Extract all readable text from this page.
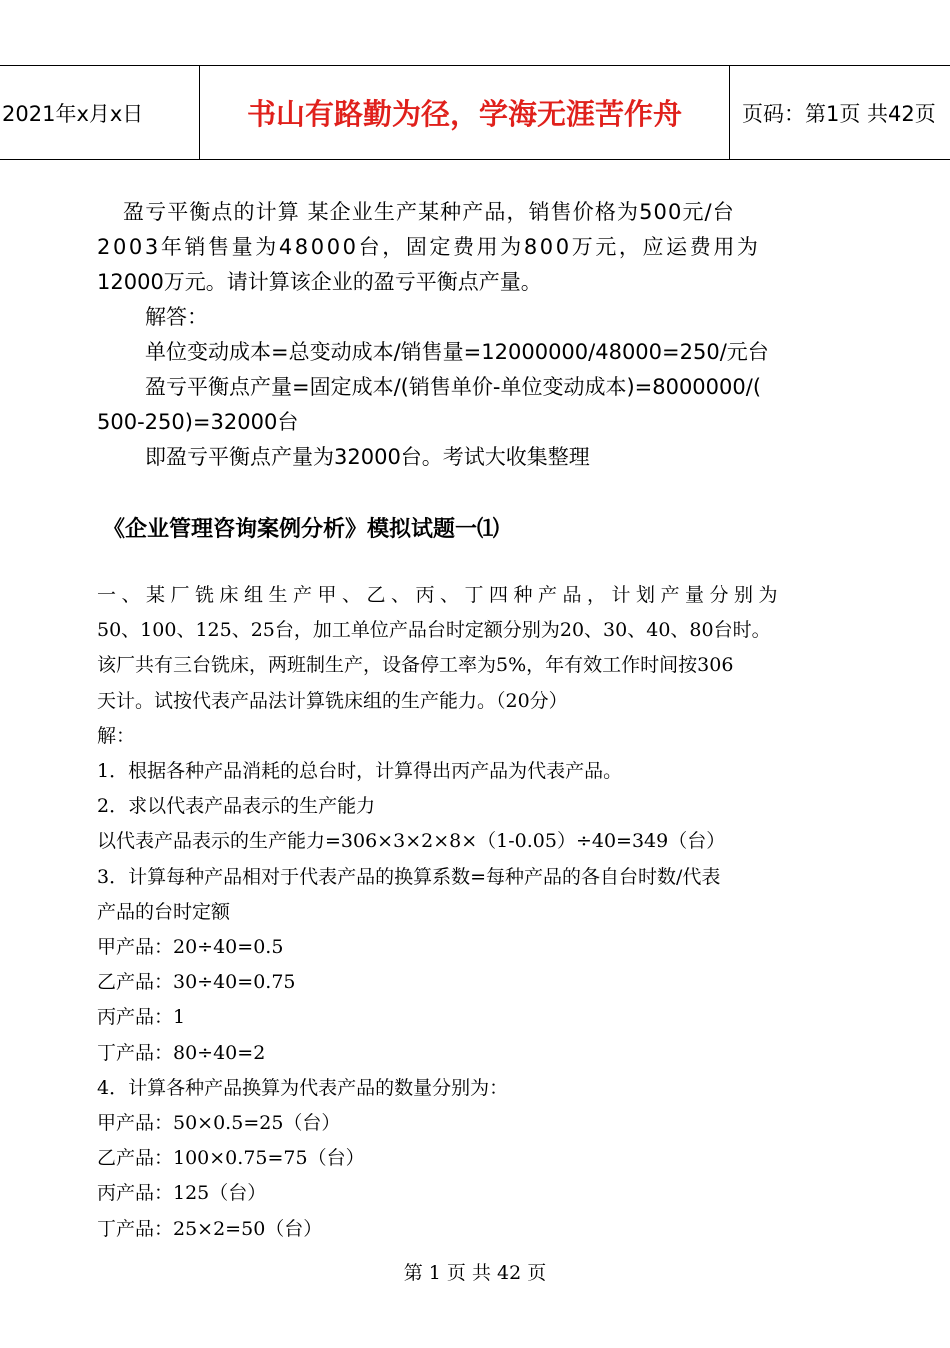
2021年x月x日	书山有路勤为径，学海无涯苦作舟	页码：第1页 共42页

盈亏平衡点的计算 某企业生产某种产品，销售价格为500元/台

2003年销售量为48000台，固定费用为800万元，应运费用为

12000万元。请计算该企业的盈亏平衡点产量。

解答：

单位变动成本=总变动成本/销售量=12000000/48000=250/元台

盈亏平衡点产量=固定成本/(销售单价-单位变动成本)=8000000/(

500-250)=32000台

即盈亏平衡点产量为32000台。考试大收集整理

《企业管理咨询案例分析》模拟试题一⑴

一、某厂铣床组生产甲、乙、丙、丁四种产品，计划产量分别为

50、100、125、25台，加工单位产品台时定额分别为20、30、40、80台时。

该厂共有三台铣床，两班制生产，设备停工率为5%，年有效工作时间按306

天计。试按代表产品法计算铣床组的生产能力。（20分）

解：

1．根据各种产品消耗的总台时，计算得出丙产品为代表产品。

2．求以代表产品表示的生产能力

以代表产品表示的生产能力=306×3×2×8×（1-0.05）÷40=349（台）

3．计算每种产品相对于代表产品的换算系数=每种产品的各自台时数/代表

产品的台时定额

甲产品：20÷40=0.5

乙产品：30÷40=0.75

丙产品：1

丁产品：80÷40=2

4．计算各种产品换算为代表产品的数量分别为：

甲产品：50×0.5=25（台）

乙产品：100×0.75=75（台）

丙产品：125（台）

丁产品：25×2=50（台）

第 1 页 共 42 页
